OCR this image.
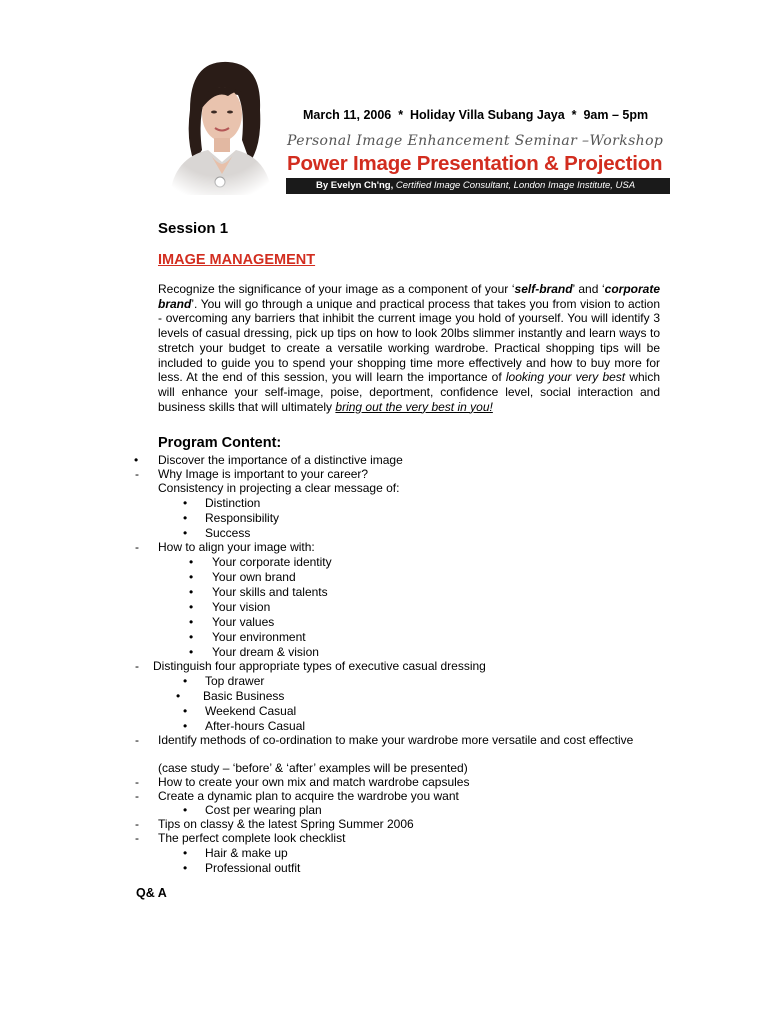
March 11, 2006  *  Holiday Villa Subang Jaya  *  9am – 5pm
Personal Image Enhancement Seminar –Workshop
Power Image Presentation & Projection
By Evelyn Ch'ng, Certified Image Consultant, London Image Institute, USA
Session 1
IMAGE MANAGEMENT
Recognize the significance of your image as a component of your ‘self-brand’ and ‘corporate brand’. You will go through a unique and practical process that takes you from vision to action - overcoming any barriers that inhibit the current image you hold of yourself. You will identify 3 levels of casual dressing, pick up tips on how to look 20lbs slimmer instantly and learn ways to stretch your budget to create a versatile working wardrobe. Practical shopping tips will be included to guide you to spend your shopping time more effectively and how to buy more for less. At the end of this session, you will learn the importance of looking your very best which will enhance your self-image, poise, deportment, confidence level, social interaction and business skills that will ultimately bring out the very best in you!
Program Content:
• Discover the importance of a distinctive image
- Why Image is important to your career?
Consistency in projecting a clear message of:
• Distinction
• Responsibility
• Success
- How to align your image with:
• Your corporate identity
• Your own brand
• Your skills and talents
• Your vision
• Your values
• Your environment
• Your dream & vision
- Distinguish four appropriate types of executive casual dressing
• Top drawer
• Basic Business
• Weekend Casual
• After-hours Casual
- Identify methods of co-ordination to make your wardrobe more versatile and cost effective
(case study – ‘before’ & ‘after’ examples will be presented)
- How to create your own mix and match wardrobe capsules
- Create a dynamic plan to acquire the wardrobe you want
• Cost per wearing plan
- Tips on classy & the latest Spring Summer 2006
- The perfect complete look checklist
• Hair & make up
• Professional outfit
Q& A
